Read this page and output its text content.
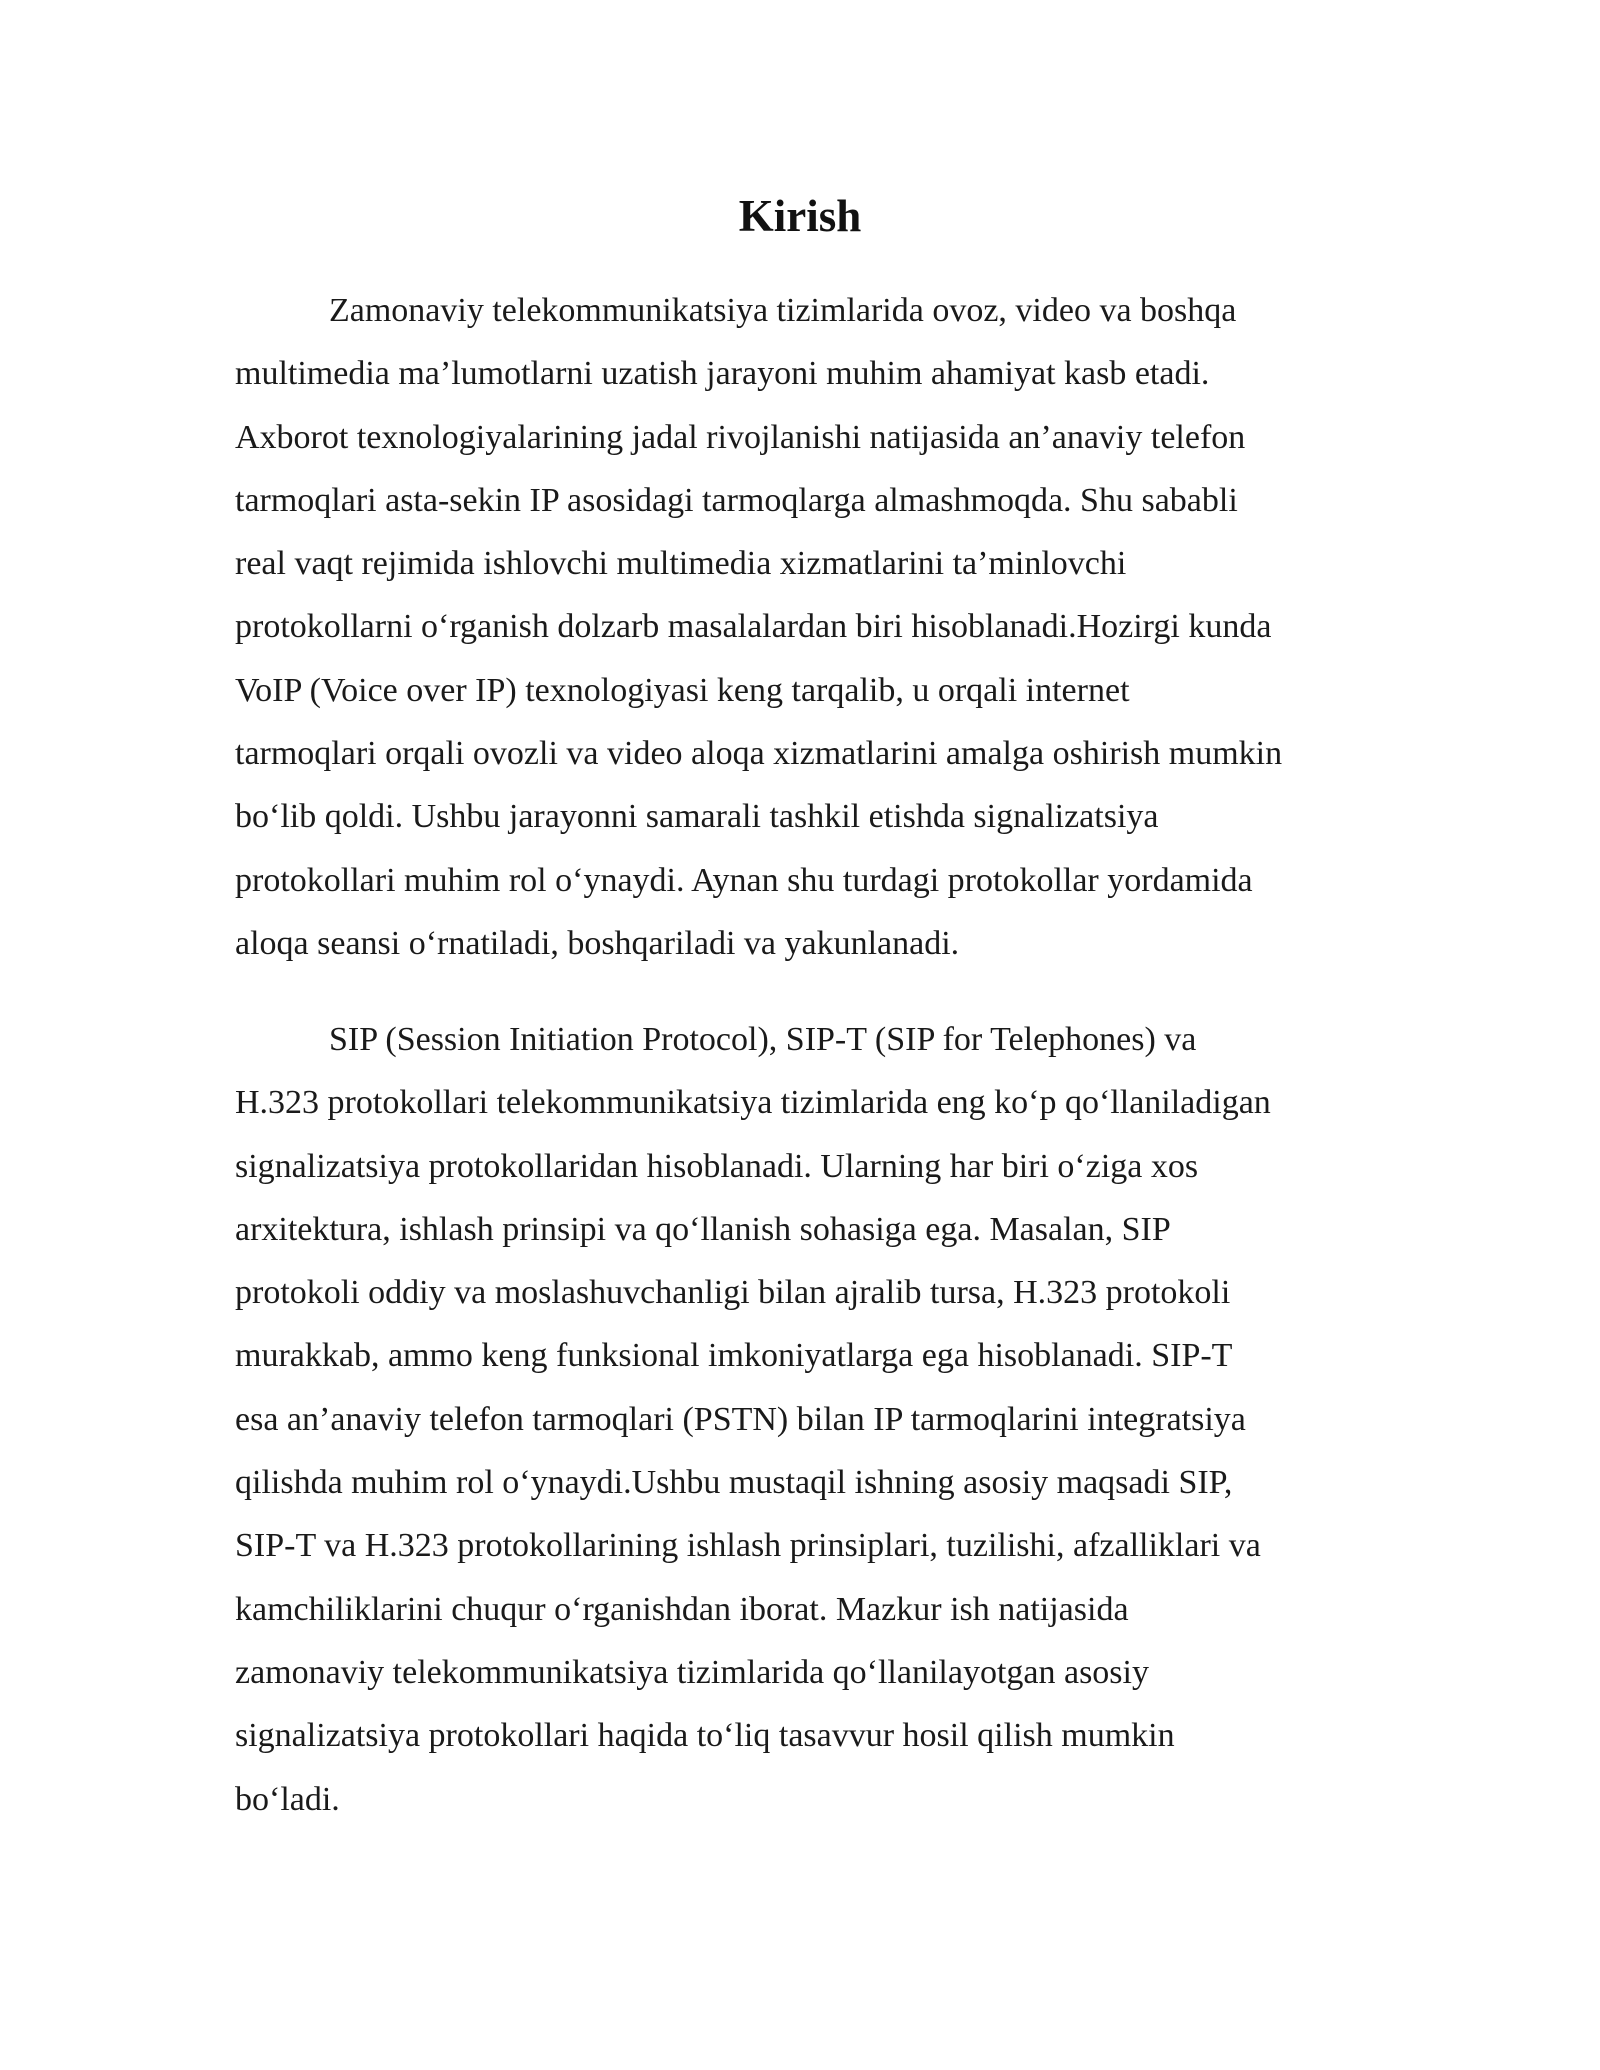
Kirish

Zamonaviy telekommunikatsiya tizimlarida ovoz, video va boshqa
multimedia ma’lumotlarni uzatish jarayoni muhim ahamiyat kasb etadi.
Axborot texnologiyalarining jadal rivojlanishi natijasida an’anaviy telefon
tarmoqlari asta-sekin IP asosidagi tarmoqlarga almashmoqda. Shu sababli
real vaqt rejimida ishlovchi multimedia xizmatlarini ta’minlovchi
protokollarni o‘rganish dolzarb masalalardan biri hisoblanadi.Hozirgi kunda
VoIP (Voice over IP) texnologiyasi keng tarqalib, u orqali internet
tarmoqlari orqali ovozli va video aloqa xizmatlarini amalga oshirish mumkin
bo‘lib qoldi. Ushbu jarayonni samarali tashkil etishda signalizatsiya
protokollari muhim rol o‘ynaydi. Aynan shu turdagi protokollar yordamida
aloqa seansi o‘rnatiladi, boshqariladi va yakunlanadi.

SIP (Session Initiation Protocol), SIP-T (SIP for Telephones) va
H.323 protokollari telekommunikatsiya tizimlarida eng ko‘p qo‘llaniladigan
signalizatsiya protokollaridan hisoblanadi. Ularning har biri o‘ziga xos
arxitektura, ishlash prinsipi va qo‘llanish sohasiga ega. Masalan, SIP
protokoli oddiy va moslashuvchanligi bilan ajralib tursa, H.323 protokoli
murakkab, ammo keng funksional imkoniyatlarga ega hisoblanadi. SIP-T
esa an’anaviy telefon tarmoqlari (PSTN) bilan IP tarmoqlarini integratsiya
qilishda muhim rol o‘ynaydi.Ushbu mustaqil ishning asosiy maqsadi SIP,
SIP-T va H.323 protokollarining ishlash prinsiplari, tuzilishi, afzalliklari va
kamchiliklarini chuqur o‘rganishdan iborat. Mazkur ish natijasida
zamonaviy telekommunikatsiya tizimlarida qo‘llanilayotgan asosiy
signalizatsiya protokollari haqida to‘liq tasavvur hosil qilish mumkin
bo‘ladi.
